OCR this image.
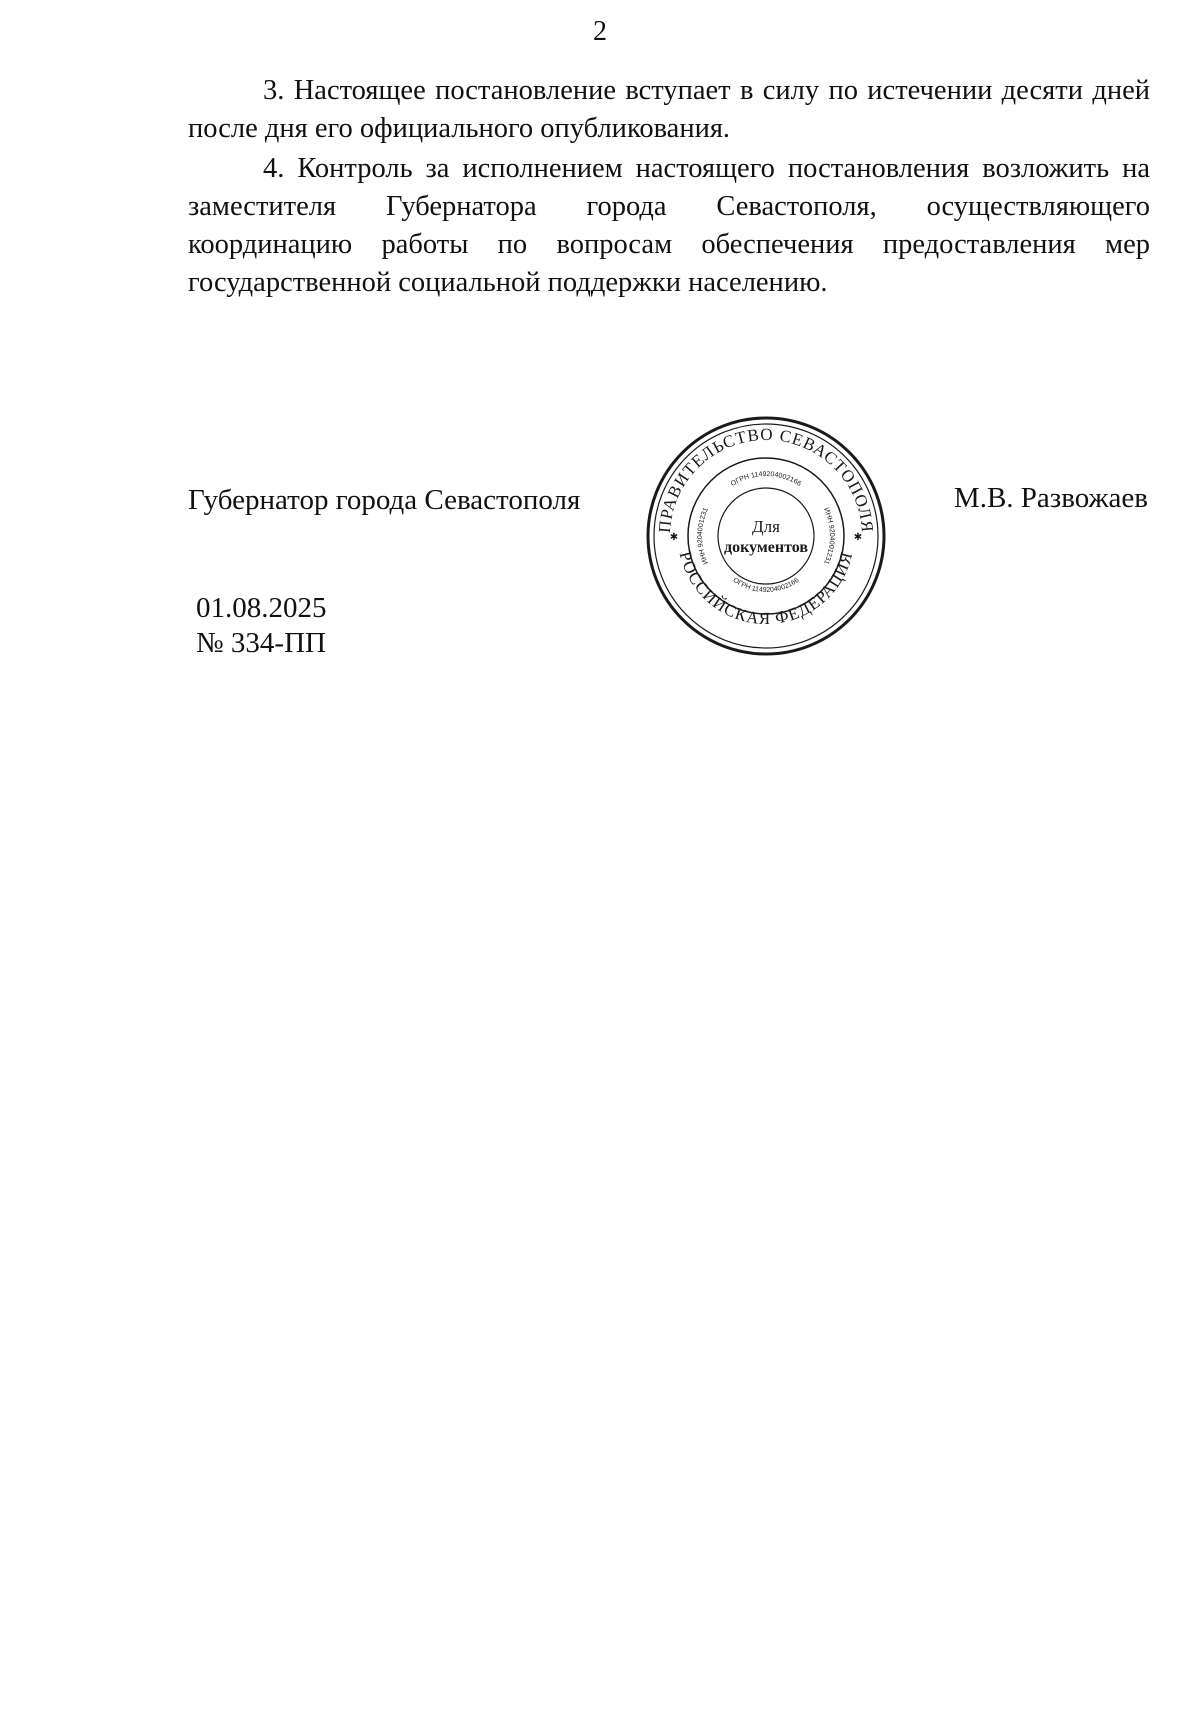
2

3. Настоящее постановление вступает в силу по истечении десяти дней после дня его официального опубликования.

4. Контроль за исполнением настоящего постановления возложить на заместителя Губернатора города Севастополя, осуществляющего координацию работы по вопросам обеспечения предоставления мер государственной социальной поддержки населению.

Губернатор города Севастополя
ПРАВИТЕЛЬСТВО СЕВАСТОПОЛЯ
РОССИЙСКАЯ ФЕДЕРАЦИЯ
ОГРН 1149204002166
ИНН 9204001231
ОГРН 1149204002166
ИНН 9204001231
✱	✱
Для
документов
М.В. Развожаев
01.08.2025
№ 334-ПП
